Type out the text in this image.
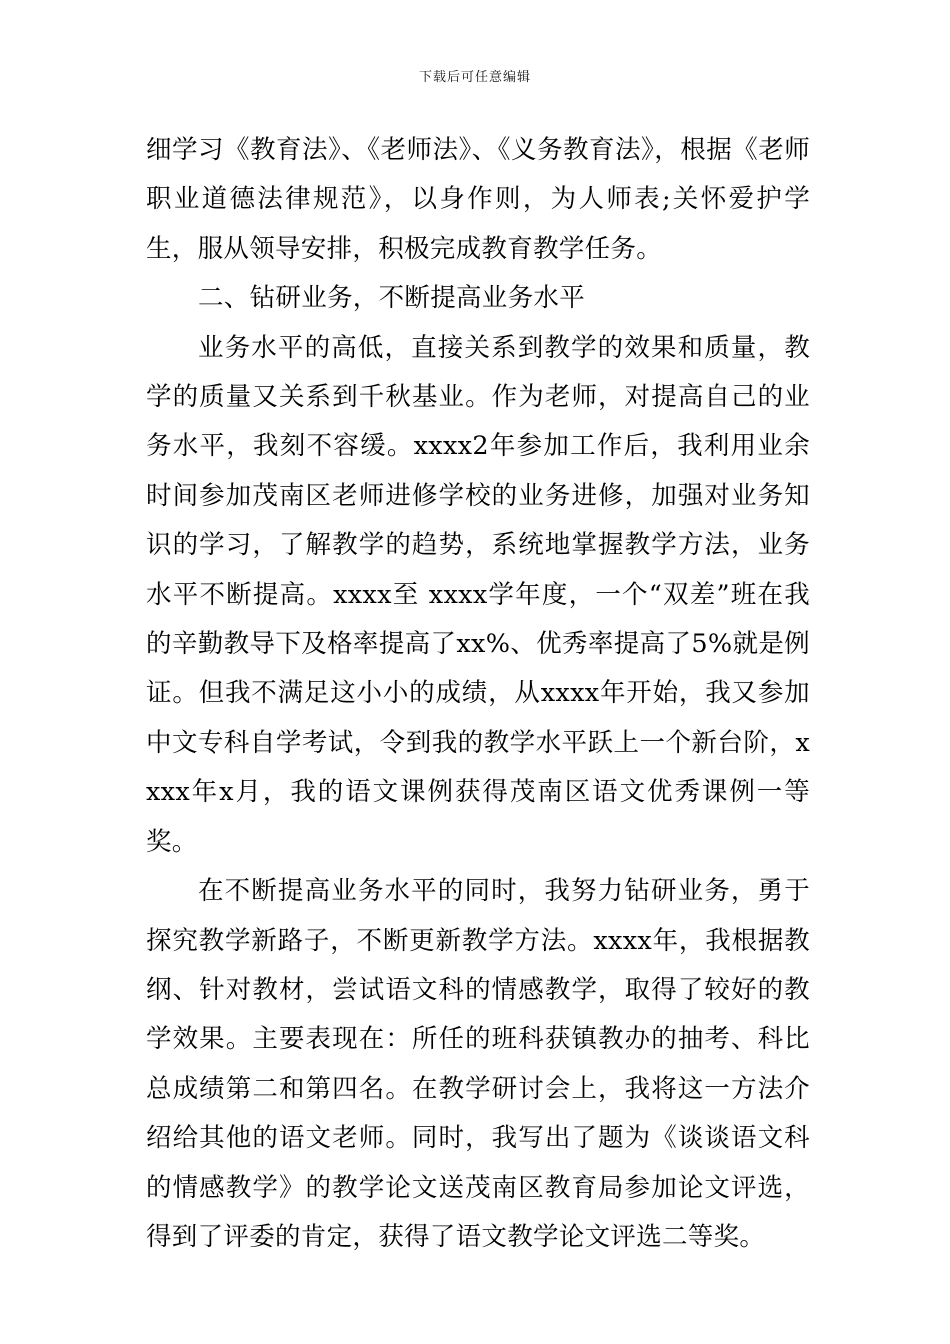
下载后可任意编辑

细学习《教育法》、《老师法》、《义务教育法》，根据《老师职业道德法律规范》，以身作则，为人师表;关怀爱护学生，服从领导安排，积极完成教育教学任务。

二、钻研业务，不断提高业务水平

业务水平的高低，直接关系到教学的效果和质量，教学的质量又关系到千秋基业。作为老师，对提高自己的业务水平，我刻不容缓。xxxx2年参加工作后，我利用业余时间参加茂南区老师进修学校的业务进修，加强对业务知识的学习，了解教学的趋势，系统地掌握教学方法，业务水平不断提高。xxxx至 xxxx学年度，一个“双差”班在我的辛勤教导下及格率提高了xx%、优秀率提高了5%就是例证。但我不满足这小小的成绩，从xxxx年开始，我又参加中文专科自学考试，令到我的教学水平跃上一个新台阶，xxxx年x月，我的语文课例获得茂南区语文优秀课例一等奖。

在不断提高业务水平的同时，我努力钻研业务，勇于探究教学新路子，不断更新教学方法。xxxx年，我根据教纲、针对教材，尝试语文科的情感教学，取得了较好的教学效果。主要表现在：所任的班科获镇教办的抽考、科比总成绩第二和第四名。在教学研讨会上，我将这一方法介绍给其他的语文老师。同时，我写出了题为《谈谈语文科的情感教学》的教学论文送茂南区教育局参加论文评选，得到了评委的肯定，获得了语文教学论文评选二等奖。
